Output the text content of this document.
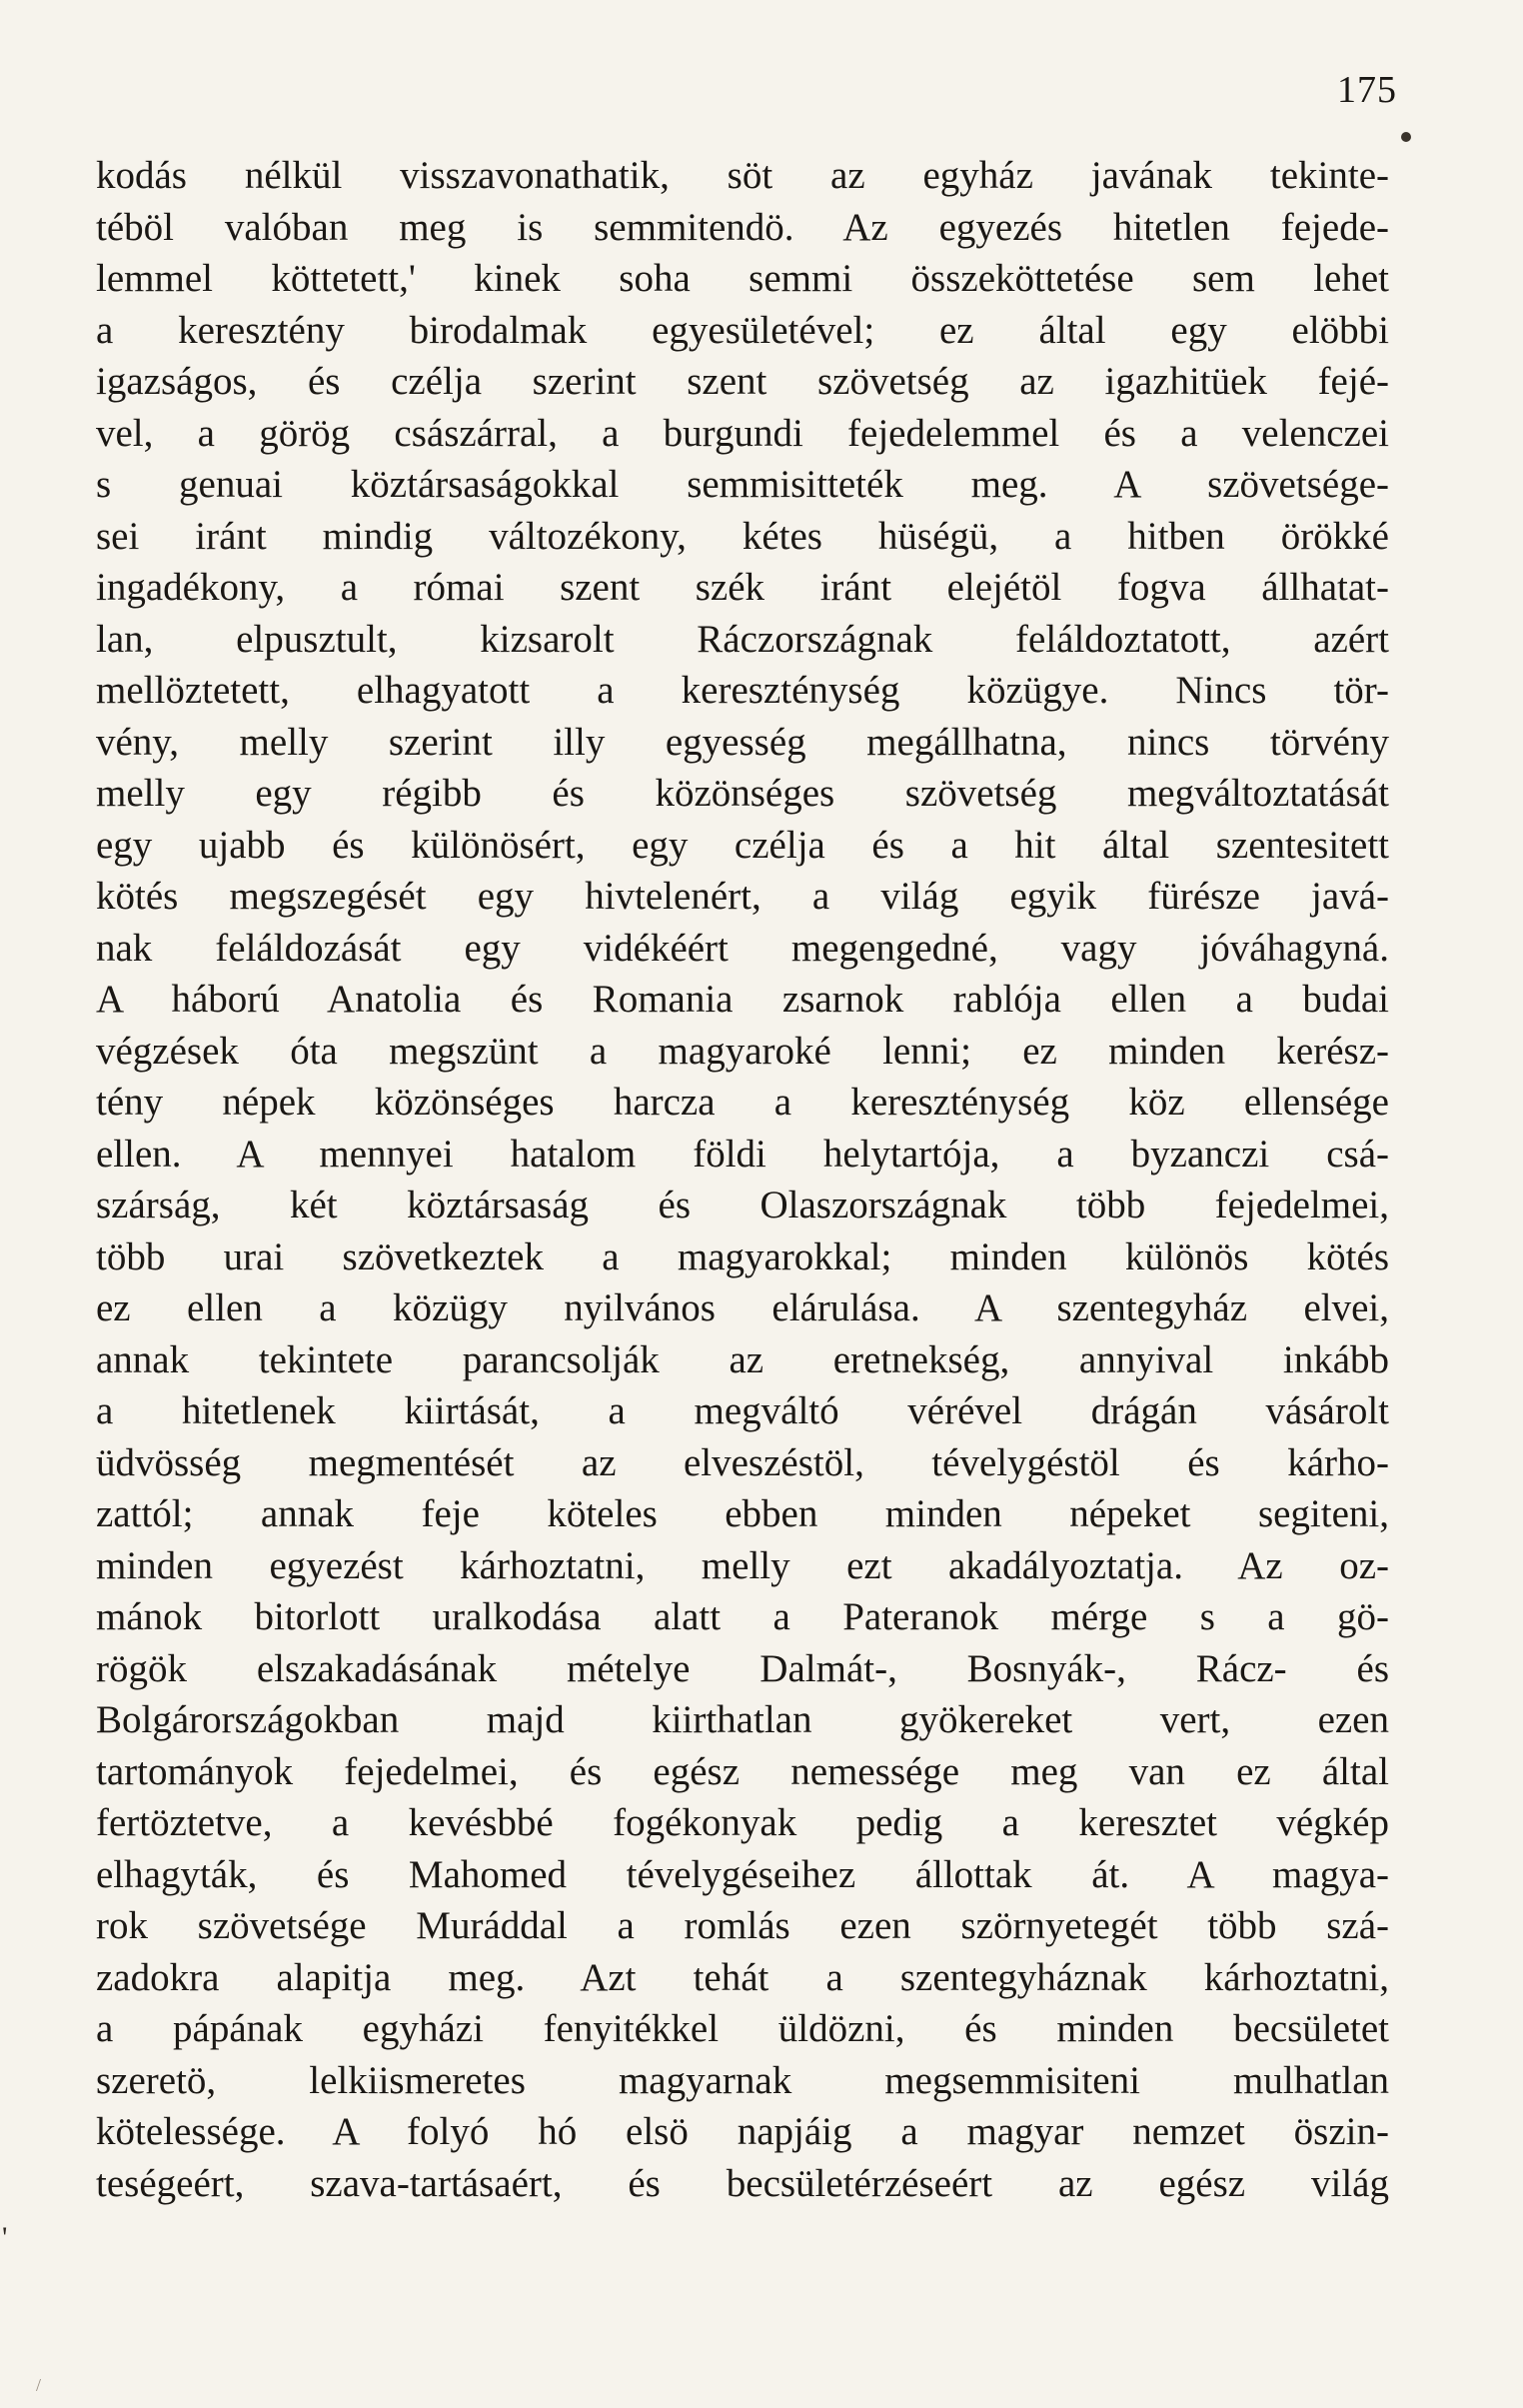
175
kodás nélkül visszavonathatik, söt az egyház javának tekinte-
téböl valóban meg is semmitendö. Az egyezés hitetlen fejede-
lemmel köttetett,' kinek soha semmi összeköttetése sem lehet
a keresztény birodalmak egyesületével; ez által egy elöbbi
igazságos, és czélja szerint szent szövetség az igazhitüek fejé-
vel, a görög császárral, a burgundi fejedelemmel és a velenczei
s genuai köztársaságokkal semmisitteték meg. A szövetsége-
sei iránt mindig változékony, kétes hüségü, a hitben örökké
ingadékony, a római szent szék iránt elejétöl fogva állhatat-
lan, elpusztult, kizsarolt Ráczországnak feláldoztatott, azért
mellöztetett, elhagyatott a kereszténység közügye. Nincs tör-
vény, melly szerint illy egyesség megállhatna, nincs törvény
melly egy régibb és közönséges szövetség megváltoztatását
egy ujabb és különösért, egy czélja és a hit által szentesitett
kötés megszegését egy hivtelenért, a világ egyik fürésze javá-
nak feláldozását egy vidékéért megengedné, vagy jóváhagyná.
A háború Anatolia és Romania zsarnok rablója ellen a budai
végzések óta megszünt a magyaroké lenni; ez minden kerész-
tény népek közönséges harcza a kereszténység köz ellensége
ellen. A mennyei hatalom földi helytartója, a byzanczi csá-
szárság, két köztársaság és Olaszországnak több fejedelmei,
több urai szövetkeztek a magyarokkal; minden különös kötés
ez ellen a közügy nyilvános elárulása. A szentegyház elvei,
annak tekintete parancsolják az eretnekség, annyival inkább
a hitetlenek kiirtását, a megváltó vérével drágán vásárolt
üdvösség megmentését az elveszéstöl, tévelygéstöl és kárho-
zattól; annak feje köteles ebben minden népeket segiteni,
minden egyezést kárhoztatni, melly ezt akadályoztatja. Az oz-
mánok bitorlott uralkodása alatt a Pateranok mérge s a gö-
rögök elszakadásának mételye Dalmát-, Bosnyák-, Rácz- és
Bolgárországokban majd kiirthatlan gyökereket vert, ezen
tartományok fejedelmei, és egész nemessége meg van ez által
fertöztetve, a kevésbbé fogékonyak pedig a keresztet végkép
elhagyták, és Mahomed tévelygéseihez állottak át. A magya-
rok szövetsége Muráddal a romlás ezen szörnyetegét több szá-
zadokra alapitja meg. Azt tehát a szentegyháznak kárhoztatni,
a pápának egyházi fenyitékkel üldözni, és minden becsületet
szeretö, lelkiismeretes magyarnak megsemmisiteni mulhatlan
kötelessége. A folyó hó elsö napjáig a magyar nemzet öszin-
teségeért, szava-tartásaért, és becsületérzéseért az egész világ
'
/
